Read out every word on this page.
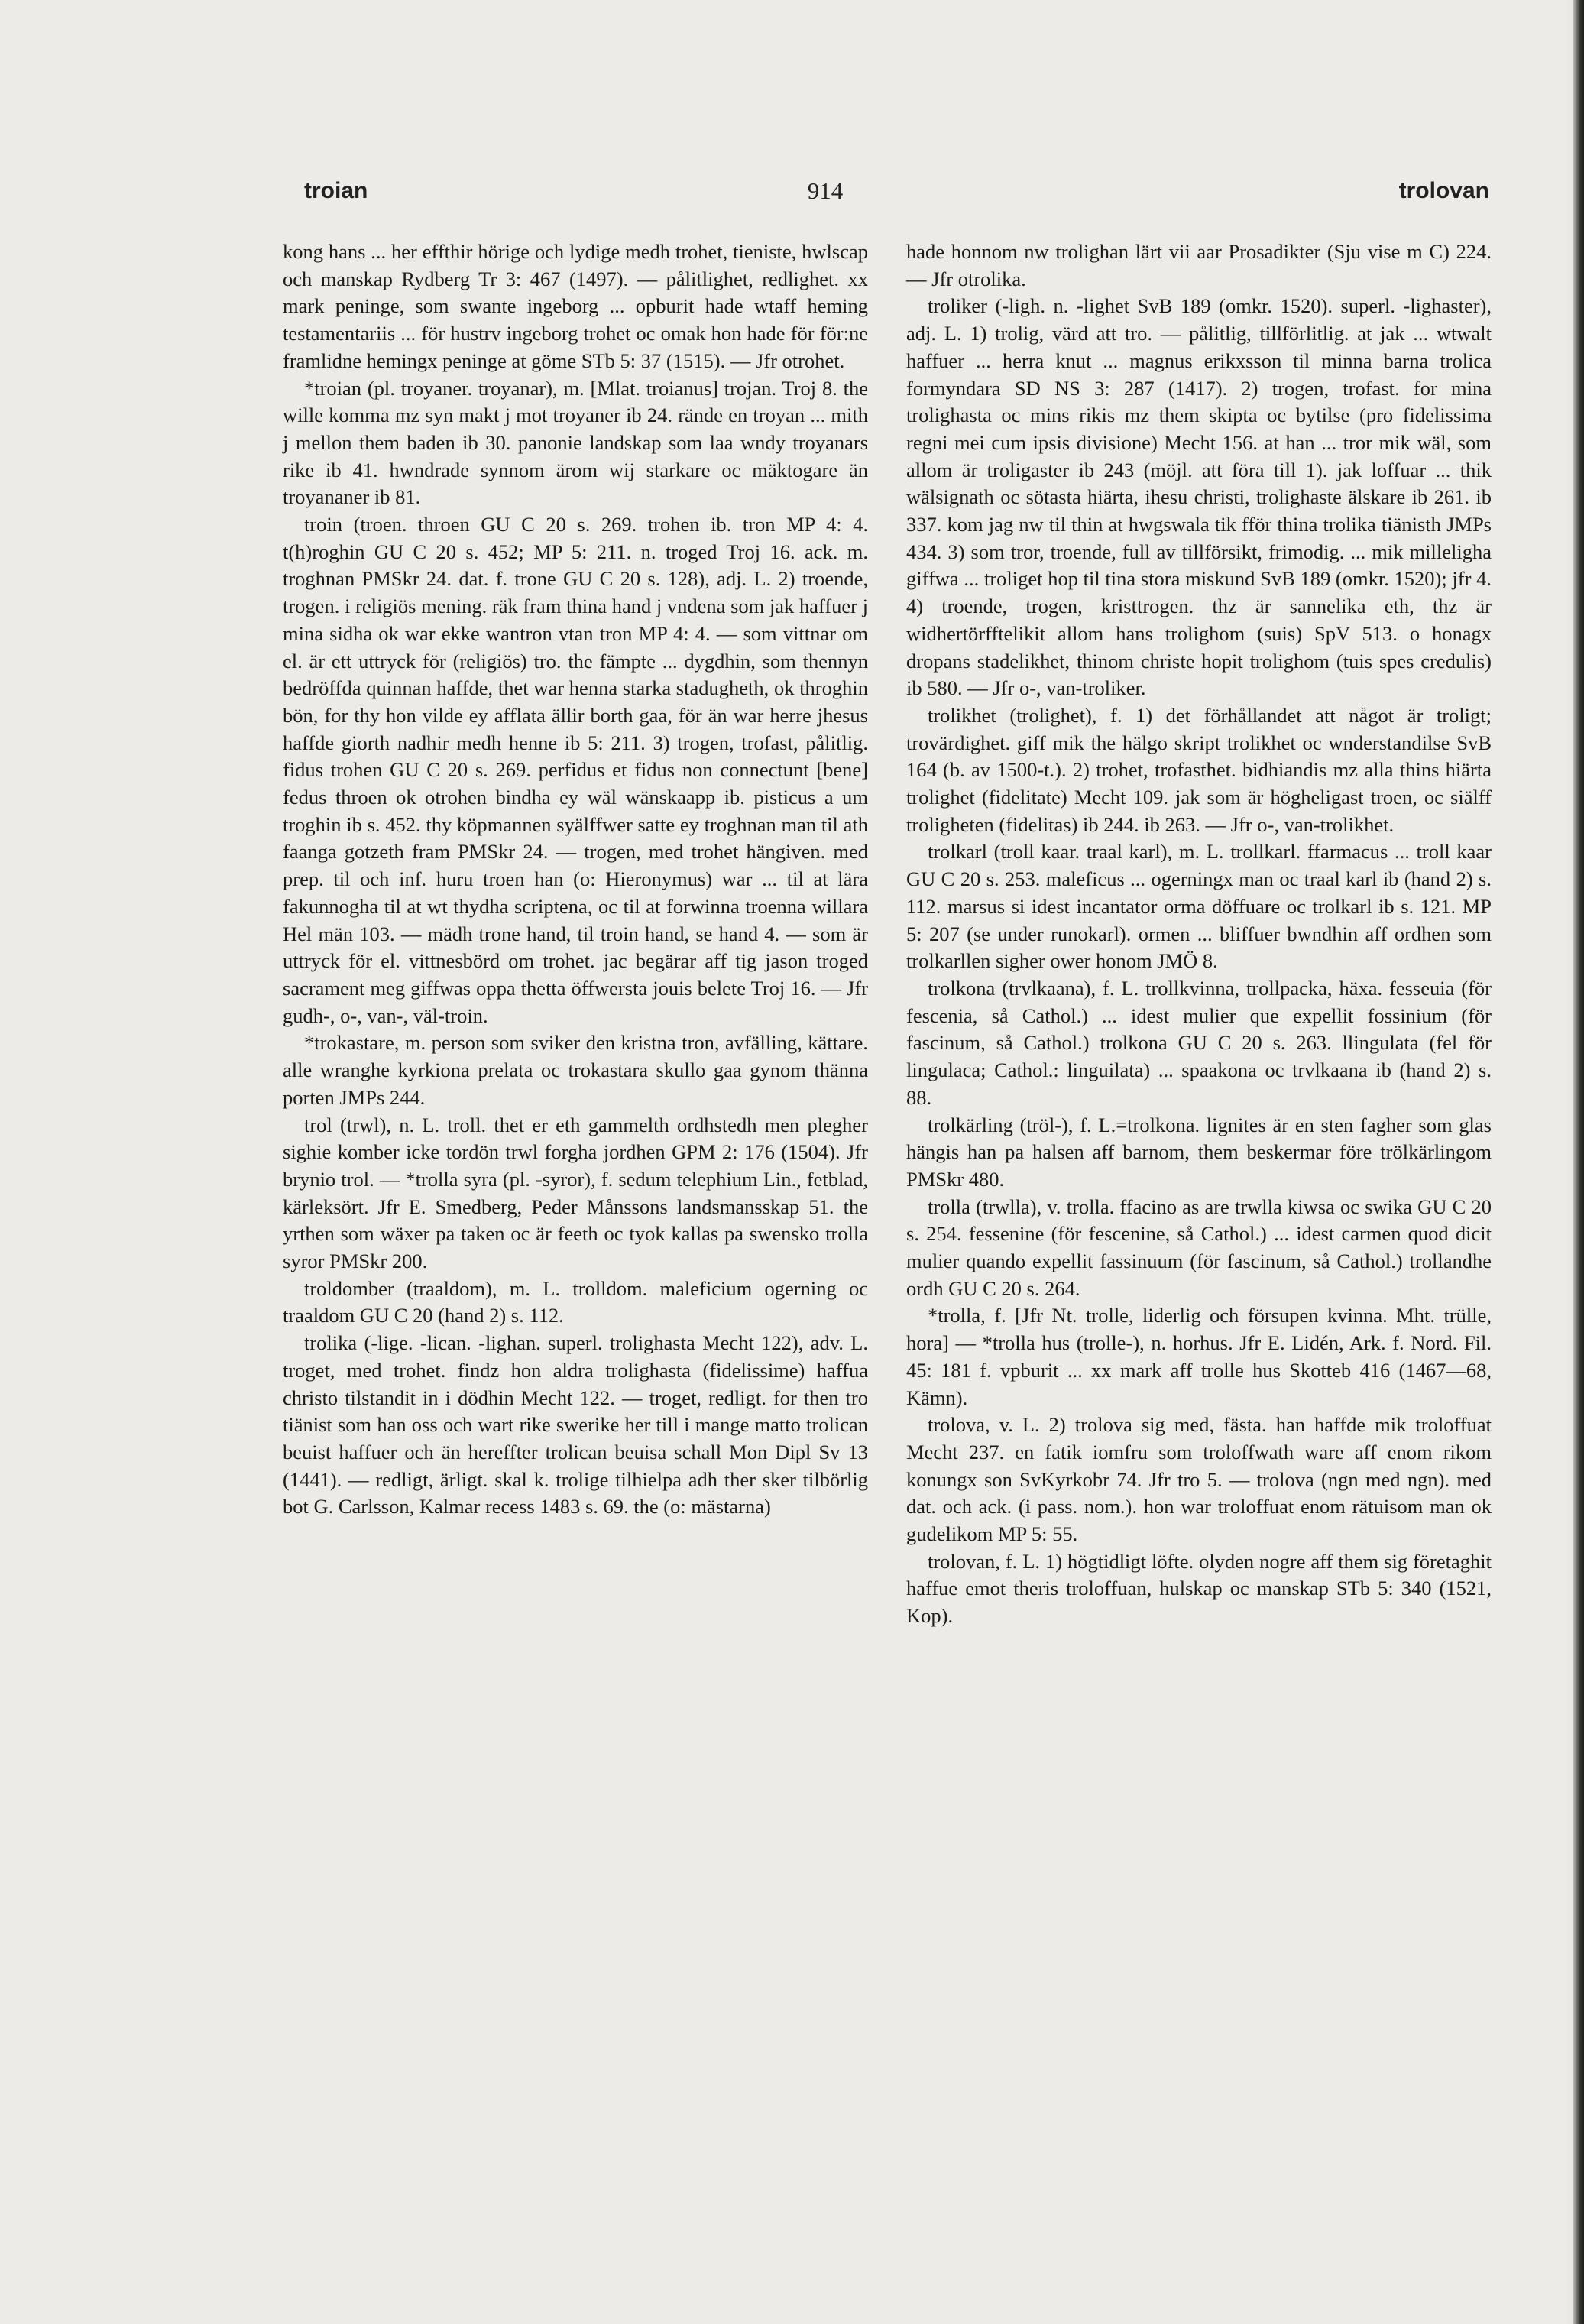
troian	914	trolovan

kong hans ... her effthir hörige och lydige medh trohet, tieniste, hwlscap och manskap Rydberg Tr 3: 467 (1497). — pålitlighet, redlighet. xx mark peninge, som swante ingeborg ... opburit hade wtaff heming testamentariis ... för hustrv ingeborg trohet oc omak hon hade för för:ne framlidne hemingx peninge at göme STb 5: 37 (1515). — Jfr otrohet.

*troian (pl. troyaner. troyanar), m. [Mlat. troianus] trojan. Troj 8. the wille komma mz syn makt j mot troyaner ib 24. rände en troyan ... mith j mellon them baden ib 30. panonie landskap som laa wndy troyanars rike ib 41. hwndrade synnom ärom wij starkare oc mäktogare än troyananer ib 81.

troin (troen. throen GU C 20 s. 269. trohen ib. tron MP 4: 4. t(h)roghin GU C 20 s. 452; MP 5: 211. n. troged Troj 16. ack. m. troghnan PMSkr 24. dat. f. trone GU C 20 s. 128), adj. L. 2) troende, trogen. i religiös mening. räk fram thina hand j vndena som jak haffuer j mina sidha ok war ekke wantron vtan tron MP 4: 4. — som vittnar om el. är ett uttryck för (religiös) tro. the fämpte ... dygdhin, som thennyn bedröffda quinnan haffde, thet war henna starka stadugheth, ok throghin bön, for thy hon vilde ey afflata ällir borth gaa, för än war herre jhesus haffde giorth nadhir medh henne ib 5: 211. 3) trogen, trofast, pålitlig. fidus trohen GU C 20 s. 269. perfidus et fidus non connectunt [bene] fedus throen ok otrohen bindha ey wäl wänskaapp ib. pisticus a um troghin ib s. 452. thy köpmannen syälffwer satte ey troghnan man til ath faanga gotzeth fram PMSkr 24. — trogen, med trohet hängiven. med prep. til och inf. huru troen han (o: Hieronymus) war ... til at lära fakunnogha til at wt thydha scriptena, oc til at forwinna troenna willara Hel män 103. — mädh trone hand, til troin hand, se hand 4. — som är uttryck för el. vittnesbörd om trohet. jac begärar aff tig jason troged sacrament meg giffwas oppa thetta öffwersta jouis belete Troj 16. — Jfr gudh-, o-, van-, väl-troin.

*trokastare, m. person som sviker den kristna tron, avfälling, kättare. alle wranghe kyrkiona prelata oc trokastara skullo gaa gynom thänna porten JMPs 244.

trol (trwl), n. L. troll. thet er eth gammelth ordhstedh men plegher sighie komber icke tordön trwl forgha jordhen GPM 2: 176 (1504). Jfr brynio trol. — *trolla syra (pl. -syror), f. sedum telephium Lin., fetblad, kärleksört. Jfr E. Smedberg, Peder Månssons landsmansskap 51. the yrthen som wäxer pa taken oc är feeth oc tyok kallas pa swensko trolla syror PMSkr 200.

troldomber (traaldom), m. L. trolldom. maleficium ogerning oc traaldom GU C 20 (hand 2) s. 112.

trolika (-lige. -lican. -lighan. superl. trolighasta Mecht 122), adv. L. troget, med trohet. findz hon aldra trolighasta (fidelissime) haffua christo tilstandit in i dödhin Mecht 122. — troget, redligt. for then tro tiänist som han oss och wart rike swerike her till i mange matto trolican beuist haffuer och än hereffter trolican beuisa schall Mon Dipl Sv 13 (1441). — redligt, ärligt. skal k. trolige tilhielpa adh ther sker tilbörlig bot G. Carlsson, Kalmar recess 1483 s. 69. the (o: mästarna)

hade honnom nw trolighan lärt vii aar Prosadikter (Sju vise m C) 224. — Jfr otrolika.

troliker (-ligh. n. -lighet SvB 189 (omkr. 1520). superl. -lighaster), adj. L. 1) trolig, värd att tro. — pålitlig, tillförlitlig. at jak ... wtwalt haffuer ... herra knut ... magnus erikxsson til minna barna trolica formyndara SD NS 3: 287 (1417). 2) trogen, trofast. for mina trolighasta oc mins rikis mz them skipta oc bytilse (pro fidelissima regni mei cum ipsis divisione) Mecht 156. at han ... tror mik wäl, som allom är troligaster ib 243 (möjl. att föra till 1). jak loffuar ... thik wälsignath oc sötasta hiärta, ihesu christi, trolighaste älskare ib 261. ib 337. kom jag nw til thin at hwgswala tik fför thina trolika tiänisth JMPs 434. 3) som tror, troende, full av tillförsikt, frimodig. ... mik milleligha giffwa ... troliget hop til tina stora miskund SvB 189 (omkr. 1520); jfr 4. 4) troende, trogen, kristtrogen. thz är sannelika eth, thz är widhertörfftelikit allom hans trolighom (suis) SpV 513. o honagx dropans stadelikhet, thinom christe hopit trolighom (tuis spes credulis) ib 580. — Jfr o-, van-troliker.

trolikhet (trolighet), f. 1) det förhållandet att något är troligt; trovärdighet. giff mik the hälgo skript trolikhet oc wnderstandilse SvB 164 (b. av 1500-t.). 2) trohet, trofasthet. bidhiandis mz alla thins hiärta trolighet (fidelitate) Mecht 109. jak som är högheligast troen, oc siälff troligheten (fidelitas) ib 244. ib 263. — Jfr o-, van-trolikhet.

trolkarl (troll kaar. traal karl), m. L. trollkarl. ffarmacus ... troll kaar GU C 20 s. 253. maleficus ... ogerningx man oc traal karl ib (hand 2) s. 112. marsus si idest incantator orma döffuare oc trolkarl ib s. 121. MP 5: 207 (se under runokarl). ormen ... bliffuer bwndhin aff ordhen som trolkarllen sigher ower honom JMÖ 8.

trolkona (trvlkaana), f. L. trollkvinna, trollpacka, häxa. fesseuia (för fescenia, så Cathol.) ... idest mulier que expellit fossinium (för fascinum, så Cathol.) trolkona GU C 20 s. 263. llingulata (fel för lingulaca; Cathol.: linguilata) ... spaakona oc trvlkaana ib (hand 2) s. 88.

trolkärling (tröl-), f. L.=trolkona. lignites är en sten fagher som glas hängis han pa halsen aff barnom, them beskermar före trölkärlingom PMSkr 480.

trolla (trwlla), v. trolla. ffacino as are trwlla kiwsa oc swika GU C 20 s. 254. fessenine (för fescenine, så Cathol.) ... idest carmen quod dicit mulier quando expellit fassinuum (för fascinum, så Cathol.) trollandhe ordh GU C 20 s. 264.

*trolla, f. [Jfr Nt. trolle, liderlig och försupen kvinna. Mht. trülle, hora] — *trolla hus (trolle-), n. horhus. Jfr E. Lidén, Ark. f. Nord. Fil. 45: 181 f. vpburit ... xx mark aff trolle hus Skotteb 416 (1467—68, Kämn).

trolova, v. L. 2) trolova sig med, fästa. han haffde mik troloffuat Mecht 237. en fatik iomfru som troloffwath ware aff enom rikom konungx son SvKyrkobr 74. Jfr tro 5. — trolova (ngn med ngn). med dat. och ack. (i pass. nom.). hon war troloffuat enom rätuisom man ok gudelikom MP 5: 55.

trolovan, f. L. 1) högtidligt löfte. olyden nogre aff them sig företaghit haffue emot theris troloffuan, hulskap oc manskap STb 5: 340 (1521, Kop).
